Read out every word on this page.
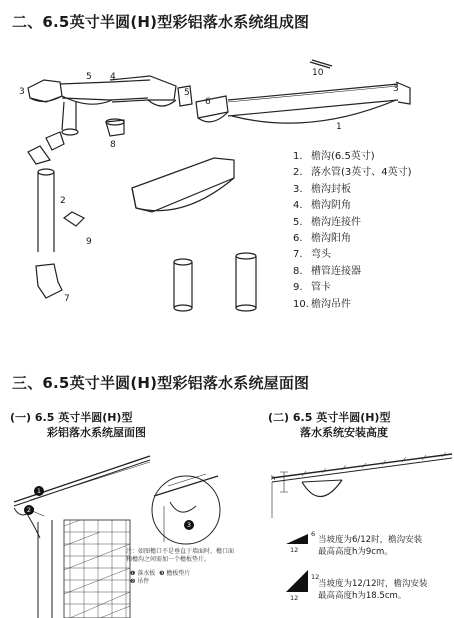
二、6.5英寸半圆(H)型彩铝落水系统组成图
3
5 4
5
6
10
3
1
8
2
9
7
1. 檐沟(6.5英寸)
2. 落水管(3英寸、4英寸)
3. 檐沟封板
4. 檐沟阴角
5. 檐沟连接件
6. 檐沟阳角
7. 弯头
8. 槽管连接器
9. 管卡
10. 檐沟吊件
三、6.5英寸半圆(H)型彩铝落水系统屋面图
(一) 6.5 英寸半圆(H)型
彩铝落水系统屋面图
(二) 6.5 英寸半圆(H)型
落水系统安装高度
1
2
3
注：如图檐口不是垂直于墙面时，檐口面
和檐沟之间需加一个檐板垫片。
❶ 落水板 ❸ 檐板垫片
❷ 吊件
h
6
12
当坡度为6/12时，檐沟安装
最高高度h为9cm。
12
12
当坡度为12/12时，檐沟安装
最高高度h为18.5cm。
